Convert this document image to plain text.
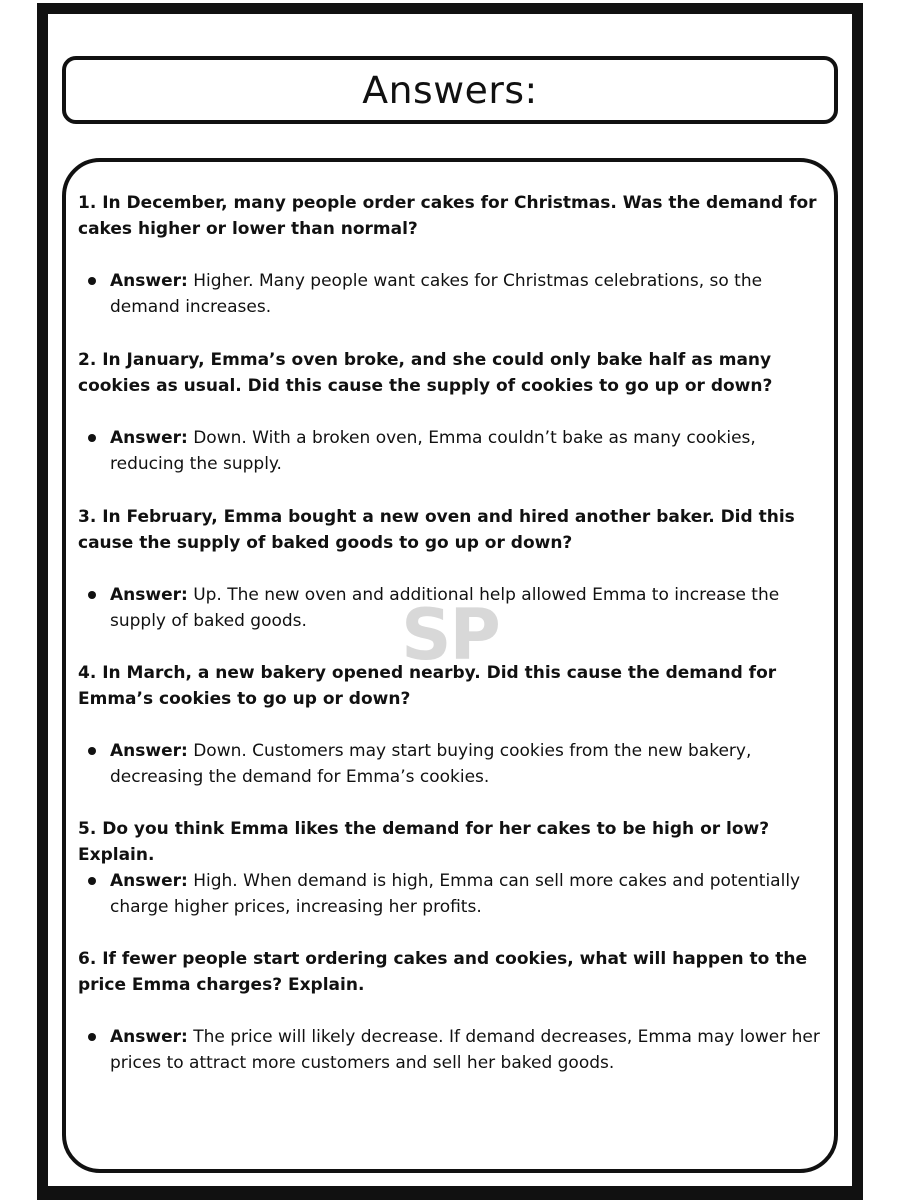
Answers:
SP

1. In December, many people order cakes for Christmas. Was the demand for cakes higher or lower than normal?

Answer: Higher. Many people want cakes for Christmas celebrations, so the demand increases.

2. In January, Emma’s oven broke, and she could only bake half as many cookies as usual. Did this cause the supply of cookies to go up or down?

Answer: Down. With a broken oven, Emma couldn’t bake as many cookies, reducing the supply.

3. In February, Emma bought a new oven and hired another baker. Did this cause the supply of baked goods to go up or down?

Answer: Up. The new oven and additional help allowed Emma to increase the supply of baked goods.

4. In March, a new bakery opened nearby. Did this cause the demand for Emma’s cookies to go up or down?

Answer: Down. Customers may start buying cookies from the new bakery, decreasing the demand for Emma’s cookies.

5. Do you think Emma likes the demand for her cakes to be high or low? Explain.

Answer: High. When demand is high, Emma can sell more cakes and potentially charge higher prices, increasing her profits.

6. If fewer people start ordering cakes and cookies, what will happen to the price Emma charges? Explain.

Answer: The price will likely decrease. If demand decreases, Emma may lower her prices to attract more customers and sell her baked goods.
